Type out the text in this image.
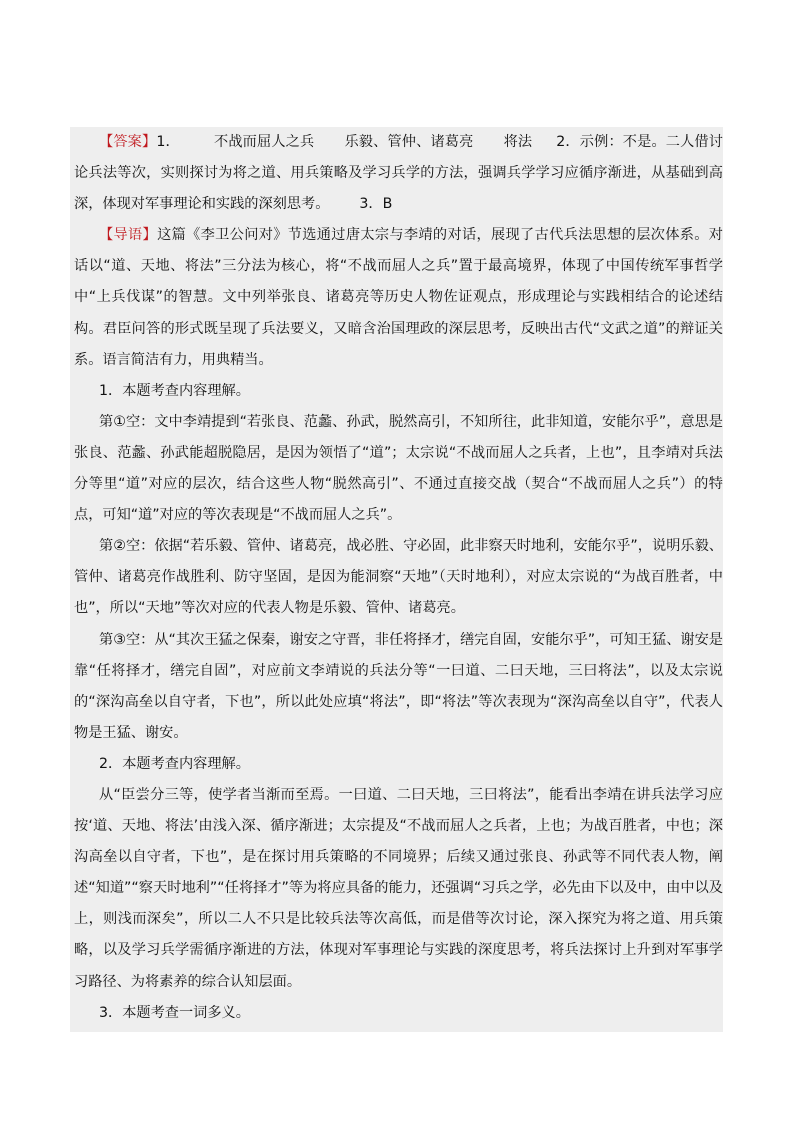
【答案】1． 不战而屈人之兵 乐毅、管仲、诸葛亮 将法 2．示例：不是。二人借讨论兵法等次，实则探讨为将之道、用兵策略及学习兵学的方法，强调兵学学习应循序渐进，从基础到高深，体现对军事理论和实践的深刻思考。 3．B

【导语】这篇《李卫公问对》节选通过唐太宗与李靖的对话，展现了古代兵法思想的层次体系。对话以“道、天地、将法”三分法为核心，将“不战而屈人之兵”置于最高境界，体现了中国传统军事哲学中“上兵伐谋”的智慧。文中列举张良、诸葛亮等历史人物佐证观点，形成理论与实践相结合的论述结构。君臣问答的形式既呈现了兵法要义，又暗含治国理政的深层思考，反映出古代“文武之道”的辩证关系。语言简洁有力，用典精当。

1．本题考查内容理解。

第①空：文中李靖提到“若张良、范蠡、孙武，脱然高引，不知所往，此非知道，安能尔乎”，意思是张良、范蠡、孙武能超脱隐居，是因为领悟了“道”；太宗说“不战而屈人之兵者，上也”，且李靖对兵法分等里“道”对应的层次，结合这些人物“脱然高引”、不通过直接交战（契合“不战而屈人之兵”）的特点，可知“道”对应的等次表现是“不战而屈人之兵”。

第②空：依据“若乐毅、管仲、诸葛亮，战必胜、守必固，此非察天时地利，安能尔乎”，说明乐毅、管仲、诸葛亮作战胜利、防守坚固，是因为能洞察“天地”（天时地利），对应太宗说的“为战百胜者，中也”，所以“天地”等次对应的代表人物是乐毅、管仲、诸葛亮。

第③空：从“其次王猛之保秦，谢安之守晋，非任将择才，缮完自固，安能尔乎”，可知王猛、谢安是靠“任将择才，缮完自固”，对应前文李靖说的兵法分等“一曰道、二曰天地，三曰将法”，以及太宗说的“深沟高垒以自守者，下也”，所以此处应填“将法”，即“将法”等次表现为“深沟高垒以自守”，代表人物是王猛、谢安。

2．本题考查内容理解。

从“臣尝分三等，使学者当渐而至焉。一曰道、二曰天地，三曰将法”，能看出李靖在讲兵法学习应按‘道、天地、将法’由浅入深、循序渐进；太宗提及“不战而屈人之兵者，上也；为战百胜者，中也；深沟高垒以自守者，下也”，是在探讨用兵策略的不同境界；后续又通过张良、孙武等不同代表人物，阐述“知道”“察天时地利”“任将择才”等为将应具备的能力，还强调“习兵之学，必先由下以及中，由中以及上，则浅而深矣”，所以二人不只是比较兵法等次高低，而是借等次讨论，深入探究为将之道、用兵策略，以及学习兵学需循序渐进的方法，体现对军事理论与实践的深度思考，将兵法探讨上升到对军事学习路径、为将素养的综合认知层面。

3．本题考查一词多义。
